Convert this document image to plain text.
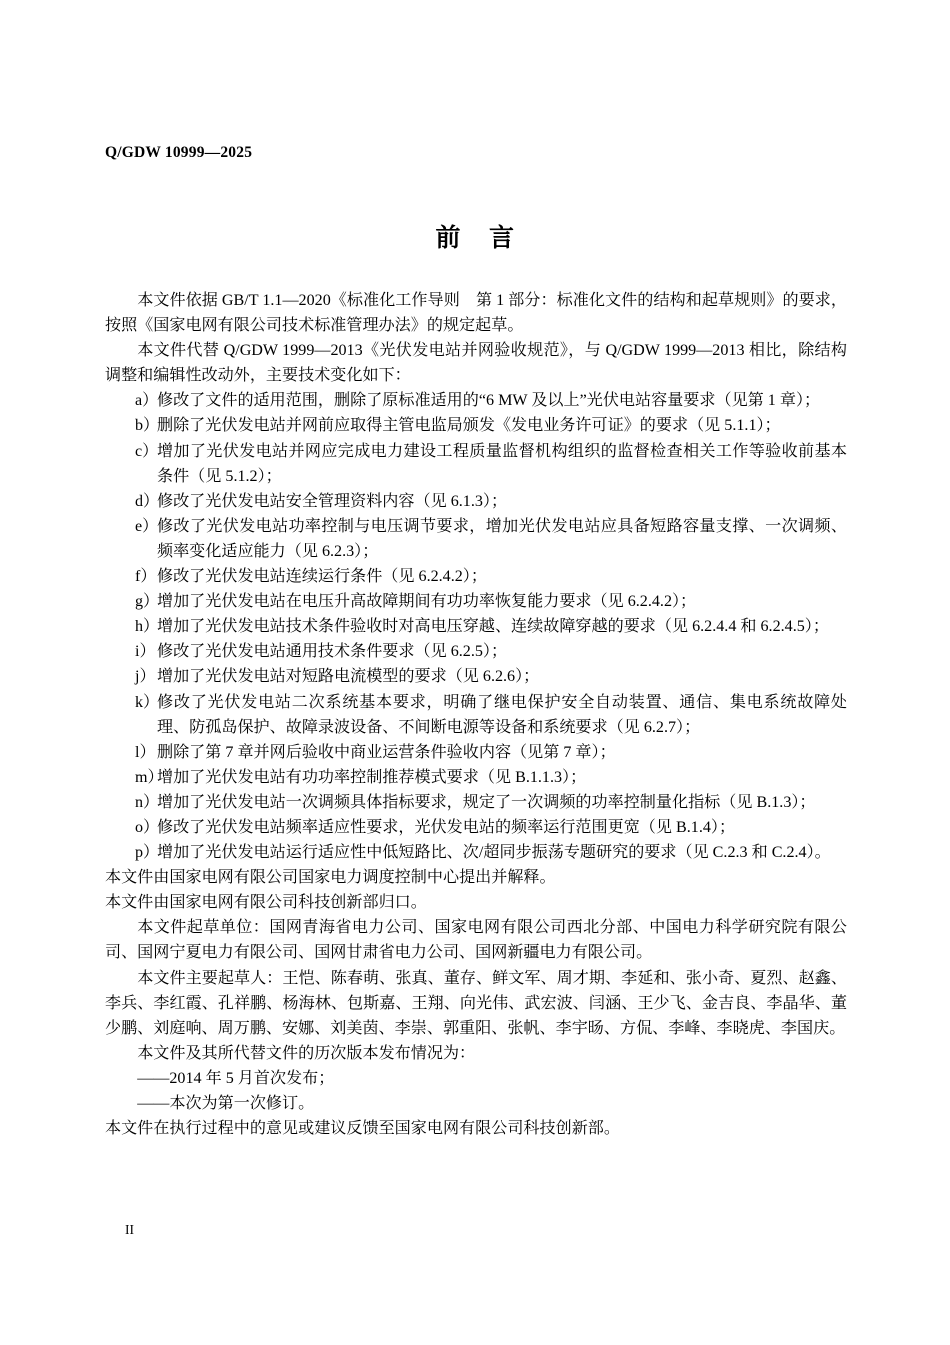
Q/GDW 10999—2025
前 言

本文件依据 GB/T 1.1—2020《标准化工作导则　第 1 部分：标准化文件的结构和起草规则》的要求，按照《国家电网有限公司技术标准管理办法》的规定起草。

本文件代替 Q/GDW 1999—2013《光伏发电站并网验收规范》，与 Q/GDW 1999—2013 相比，除结构调整和编辑性改动外，主要技术变化如下：

a）
修改了文件的适用范围，删除了原标准适用的“6 MW 及以上”光伏电站容量要求（见第 1 章）；
b）
删除了光伏发电站并网前应取得主管电监局颁发《发电业务许可证》的要求（见 5.1.1）；
c）
增加了光伏发电站并网应完成电力建设工程质量监督机构组织的监督检查相关工作等验收前基本条件（见 5.1.2）；
d）
修改了光伏发电站安全管理资料内容（见 6.1.3）；
e）
修改了光伏发电站功率控制与电压调节要求，增加光伏发电站应具备短路容量支撑、一次调频、频率变化适应能力（见 6.2.3）；
f） 修改了光伏发电站连续运行条件（见 6.2.4.2）；
g）
增加了光伏发电站在电压升高故障期间有功功率恢复能力要求（见 6.2.4.2）；
h）
增加了光伏发电站技术条件验收时对高电压穿越、连续故障穿越的要求（见 6.2.4.4 和 6.2.4.5）；
i） 修改了光伏发电站通用技术条件要求（见 6.2.5）；
j） 增加了光伏发电站对短路电流模型的要求（见 6.2.6）；
k）
修改了光伏发电站二次系统基本要求，明确了继电保护安全自动装置、通信、集电系统故障处理、防孤岛保护、故障录波设备、不间断电源等设备和系统要求（见 6.2.7）；
l） 删除了第 7 章并网后验收中商业运营条件验收内容（见第 7 章）；
m）
增加了光伏发电站有功功率控制推荐模式要求（见 B.1.1.3）；
n）
增加了光伏发电站一次调频具体指标要求，规定了一次调频的功率控制量化指标（见 B.1.3）；
o）
修改了光伏发电站频率适应性要求，光伏发电站的频率运行范围更宽（见 B.1.4）；
p）
增加了光伏发电站运行适应性中低短路比、次/超同步振荡专题研究的要求（见 C.2.3 和 C.2.4）。

本文件由国家电网有限公司国家电力调度控制中心提出并解释。

本文件由国家电网有限公司科技创新部归口。

本文件起草单位：国网青海省电力公司、国家电网有限公司西北分部、中国电力科学研究院有限公司、国网宁夏电力有限公司、国网甘肃省电力公司、国网新疆电力有限公司。

本文件主要起草人：王恺、陈春萌、张真、董存、鲜文军、周才期、李延和、张小奇、夏烈、赵鑫、李兵、李红霞、孔祥鹏、杨海林、包斯嘉、王翔、向光伟、武宏波、闫涵、王少飞、金吉良、李晶华、董少鹏、刘庭响、周万鹏、安娜、刘美茵、李崇、郭重阳、张帆、李宇旸、方侃、李峰、李晓虎、李国庆。

本文件及其所代替文件的历次版本发布情况为：

——2014 年 5 月首次发布；

——本次为第一次修订。

本文件在执行过程中的意见或建议反馈至国家电网有限公司科技创新部。

II
